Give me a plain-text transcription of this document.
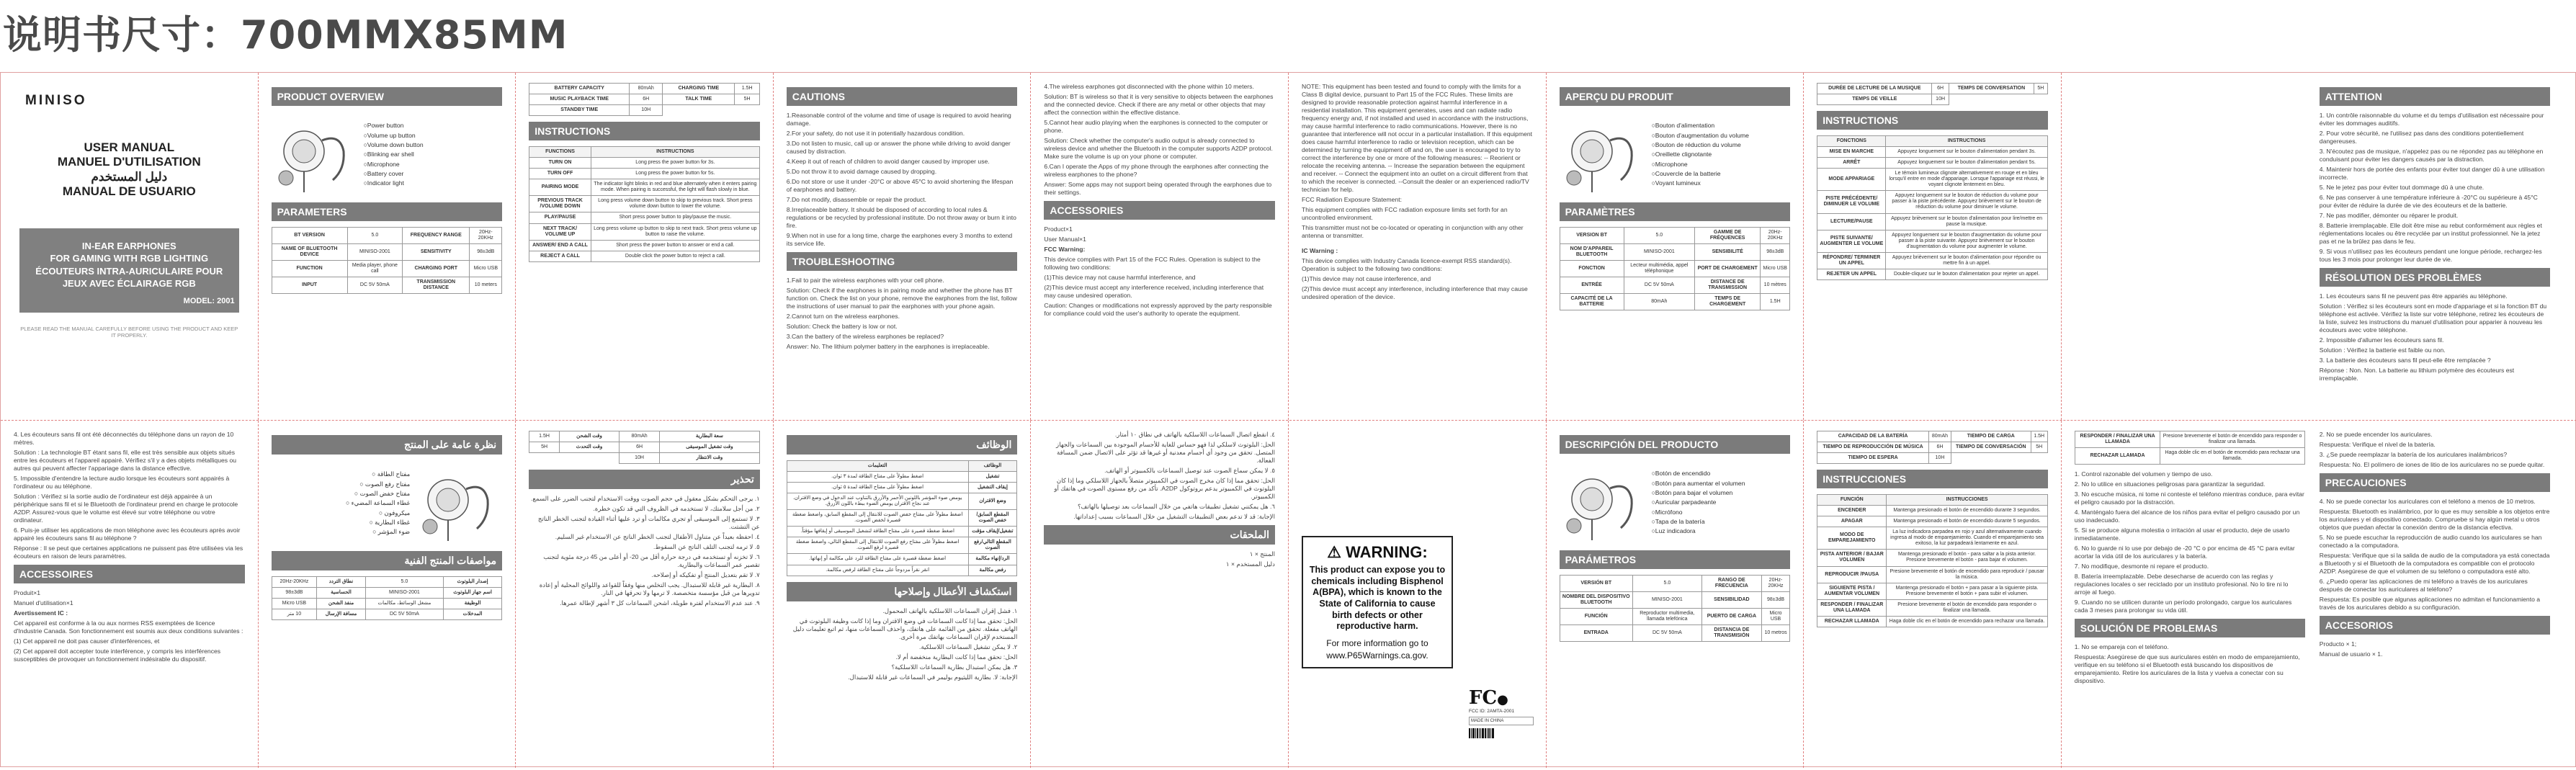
说明书尺寸：700MMX85MM
MINISO
USER MANUAL
MANUEL D'UTILISATION
دليل المستخدم
MANUAL DE USUARIO
IN-EAR EARPHONES
FOR GAMING WITH RGB LIGHTING
ÉCOUTEURS INTRA-AURICULAIRE POUR
JEUX AVEC ÉCLAIRAGE RGB
MODEL: 2001
PLEASE READ THE MANUAL CAREFULLY BEFORE USING THE PRODUCT AND KEEP IT PROPERLY.
PRODUCT OVERVIEW
○ Power button
○ Volume up button
○ Volume down button
○ Blinking ear shell
○ Microphone
○ Battery cover
○ Indicator light
PARAMETERS
BT VERSION	5.0	FREQUENCY RANGE	20Hz-20KHz
NAME OF BLUETOOTH DEVICE	MINISO-2001	SENSITIVITY	98±3dB
FUNCTION	Media player, phone call	CHARGING PORT	Micro USB
INPUT	DC 5V 50mA	TRANSMISSION DISTANCE	10 meters
BATTERY CAPACITY	80mAh	CHARGING TIME	1.5H
MUSIC PLAYBACK TIME	6H	TALK TIME	5H
STANDBY TIME	10H		
INSTRUCTIONS
FUNCTIONS	INSTRUCTIONS
TURN ON	Long press the power button for 3s.
TURN OFF	Long press the power button for 5s.
PAIRING MODE	The indicator light blinks in red and blue alternately when it enters pairing mode. When pairing is successful, the light will flash slowly in blue.
PREVIOUS TRACK /VOLUME DOWN	Long press volume down button to skip to previous track. Short press volume down button to lower the volume.
PLAY/PAUSE	Short press power button to play/pause the music.
NEXT TRACK/ VOLUME UP	Long press volume up button to skip to next track. Short press volume up button to raise the volume.
ANSWER/ END A CALL	Short press the power button to answer or end a call.
REJECT A CALL	Double click the power button to reject a call.
CAUTIONS

1.Reasonable control of the volume and time of usage is required to avoid hearing damage.

2.For your safety, do not use it in potentially hazardous condition.

3.Do not listen to music, call up or answer the phone while driving to avoid danger caused by distraction.

4.Keep it out of reach of children to avoid danger caused by improper use.

5.Do not throw it to avoid damage caused by dropping.

6.Do not store or use it under -20°C or above 45°C to avoid shortening the lifespan of earphones and battery.

7.Do not modify, disassemble or repair the product.

8.Irreplaceable battery. It should be disposed of according to local rules & regulations or be recycled by professional institute. Do not throw away or burn it into fire.

9.When not in use for a long time, charge the earphones every 3 months to extend its service life.

TROUBLESHOOTING

1.Fail to pair the wireless earphones with your cell phone.

Solution: Check if the earphones is in pairing mode and whether the phone has BT function on. Check the list on your phone, remove the earphones from the list, follow the instructions of user manual to pair the earphones with your phone again.

2.Cannot turn on the wireless earphones.

Solution: Check the battery is low or not.

3.Can the battery of the wireless earphones be replaced?

Answer: No. The lithium polymer battery in the earphones is irreplaceable.

4.The wireless earphones got disconnected with the phone within 10 meters.

Solution: BT is wireless so that it is very sensitive to objects between the earphones and the connected device. Check if there are any metal or other objects that may affect the connection within the effective distance.

5.Cannot hear audio playing when the earphones is connected to the computer or phone.

Solution: Check whether the computer's audio output is already connected to wireless device and whether the Bluetooth in the computer supports A2DP protocol. Make sure the volume is up on your phone or computer.

6.Can I operate the Apps of my phone through the earphones after connecting the wireless earphones to the phone?

Answer: Some apps may not support being operated through the earphones due to their settings.

ACCESSORIES

Product×1

User Manual×1

FCC Warning:

This device complies with Part 15 of the FCC Rules. Operation is subject to the following two conditions:

(1)This device may not cause harmful interference, and

(2)This device must accept any interference received, including interference that may cause undesired operation.

Caution: Changes or modifications not expressly approved by the party responsible for compliance could void the user's authority to operate the equipment.

NOTE: This equipment has been tested and found to comply with the limits for a Class B digital device, pursuant to Part 15 of the FCC Rules. These limits are designed to provide reasonable protection against harmful interference in a residential installation. This equipment generates, uses and can radiate radio frequency energy and, if not installed and used in accordance with the instructions, may cause harmful interference to radio communications. However, there is no guarantee that interference will not occur in a particular installation. If this equipment does cause harmful interference to radio or television reception, which can be determined by turning the equipment off and on, the user is encouraged to try to correct the interference by one or more of the following measures: -- Reorient or relocate the receiving antenna. -- Increase the separation between the equipment and receiver. -- Connect the equipment into an outlet on a circuit different from that to which the receiver is connected. --Consult the dealer or an experienced radio/TV technician for help.

FCC Radiation Exposure Statement:

This equipment complies with FCC radiation exposure limits set forth for an uncontrolled environment.

This transmitter must not be co-located or operating in conjunction with any other antenna or transmitter.

IC Warning :

This device complies with Industry Canada licence-exempt RSS standard(s). Operation is subject to the following two conditions:

(1)This device may not cause interference, and

(2)This device must accept any interference, including interference that may cause undesired operation of the device.

APERÇU DU PRODUIT
○ Bouton d'alimentation
○ Bouton d'augmentation du volume
○ Bouton de réduction du volume
○ Oreillette clignotante
○ Microphone
○ Couvercle de la batterie
○ Voyant lumineux
PARAMÈTRES
VERSION BT	5.0	GAMME DE FRÉQUENCES	20Hz-20KHz
NOM D'APPAREIL BLUETOOTH	MINISO-2001	SENSIBILITÉ	98±3dB
FONCTION	Lecteur multimédia, appel téléphonique	PORT DE CHARGEMENT	Micro USB
ENTRÉE	DC 5V 50mA	DISTANCE DE TRANSMISSION	10 mètres
CAPACITÉ DE LA BATTERIE	80mAh	TEMPS DE CHARGEMENT	1.5H
DURÉE DE LECTURE DE LA MUSIQUE	6H	TEMPS DE CONVERSATION	5H
TEMPS DE VEILLE	10H		
INSTRUCTIONS
FONCTIONS	INSTRUCTIONS
MISE EN MARCHE	Appuyez longuement sur le bouton d'alimentation pendant 3s.
ARRÊT	Appuyez longuement sur le bouton d'alimentation pendant 5s.
MODE APPARIAGE	Le témoin lumineux clignote alternativement en rouge et en bleu lorsqu'il entre en mode d'appariage. Lorsque l'appariage est réussi, le voyant clignote lentement en bleu.
PISTE PRÉCÉDENTE/ DIMINUER LE VOLUME	Appuyez longuement sur le bouton de réduction du volume pour passer à la piste précédente. Appuyez brièvement sur le bouton de réduction du volume pour diminuer le volume.
LECTURE/PAUSE	Appuyez brièvement sur le bouton d'alimentation pour lire/mettre en pause la musique.
PISTE SUIVANTE/ AUGMENTER LE VOLUME	Appuyez longuement sur le bouton d'augmentation du volume pour passer à la piste suivante. Appuyez brièvement sur le bouton d'augmentation du volume pour augmenter le volume.
RÉPONDRE/ TERMINER UN APPEL	Appuyez brièvement sur le bouton d'alimentation pour répondre ou mettre fin à un appel.
REJETER UN APPEL	Double-cliquez sur le bouton d'alimentation pour rejeter un appel.
ATTENTION

1. Un contrôle raisonnable du volume et du temps d'utilisation est nécessaire pour éviter les dommages auditifs.

2. Pour votre sécurité, ne l'utilisez pas dans des conditions potentiellement dangereuses.

3. N'écoutez pas de musique, n'appelez pas ou ne répondez pas au téléphone en conduisant pour éviter les dangers causés par la distraction.

4. Maintenir hors de portée des enfants pour éviter tout danger dû à une utilisation incorrecte.

5. Ne le jetez pas pour éviter tout dommage dû à une chute.

6. Ne pas conserver à une température inférieure à -20°C ou supérieure à 45°C pour éviter de réduire la durée de vie des écouteurs et de la batterie.

7. Ne pas modifier, démonter ou réparer le produit.

8. Batterie irremplaçable. Elle doit être mise au rebut conformément aux règles et réglementations locales ou être recyclée par un institut professionnel. Ne la jetez pas et ne la brûlez pas dans le feu.

9. Si vous n'utilisez pas les écouteurs pendant une longue période, rechargez-les tous les 3 mois pour prolonger leur durée de vie.

RÉSOLUTION DES PROBLÈMES

1. Les écouteurs sans fil ne peuvent pas être appariés au téléphone.

Solution : Vérifiez si les écouteurs sont en mode d'appariage et si la fonction BT du téléphone est activée. Vérifiez la liste sur votre téléphone, retirez les écouteurs de la liste, suivez les instructions du manuel d'utilisation pour apparier à nouveau les écouteurs avec votre téléphone.

2. Impossible d'allumer les écouteurs sans fil.

Solution : Vérifiez la batterie est faible ou non.

3. La batterie des écouteurs sans fil peut-elle être remplacée ?

Réponse : Non. Non. La batterie au lithium polymère des écouteurs est irremplaçable.

4. Les écouteurs sans fil ont été déconnectés du téléphone dans un rayon de 10 mètres.

Solution : La technologie BT étant sans fil, elle est très sensible aux objets situés entre les écouteurs et l'appareil appairé. Vérifiez s'il y a des objets métalliques ou autres qui peuvent affecter l'appariage dans la distance effective.

5. Impossible d'entendre la lecture audio lorsque les écouteurs sont appairés à l'ordinateur ou au téléphone.

Solution : Vérifiez si la sortie audio de l'ordinateur est déjà appairée à un périphérique sans fil et si le Bluetooth de l'ordinateur prend en charge le protocole A2DP. Assurez-vous que le volume est élevé sur votre téléphone ou votre ordinateur.

6. Puis-je utiliser les applications de mon téléphone avec les écouteurs après avoir appairé les écouteurs sans fil au téléphone ?

Réponse : Il se peut que certaines applications ne puissent pas être utilisées via les écouteurs en raison de leurs paramètres.

ACCESSOIRES

Produit×1

Manuel d'utilisation×1

Avertissement IC :

Cet appareil est conforme à la ou aux normes RSS exemptées de licence d'Industrie Canada. Son fonctionnement est soumis aux deux conditions suivantes :

(1) Cet appareil ne doit pas causer d'interférences, et

(2) Cet appareil doit accepter toute interférence, y compris les interférences susceptibles de provoquer un fonctionnement indésirable du dispositif.

نظرة عامة على المنتج
مفتاح الطاقة ○
مفتاح رفع الصوت ○
مفتاح خفض الصوت ○
غطاء السماعة المضيء ○
ميكروفون ○
غطاء البطارية ○
ضوء المؤشر ○
مواصفات المنتج الفنية
إصدار البلوتوث	5.0	نطاق التردد	20Hz-20KHz
اسم جهاز البلوتوث	MINISO-2001	الحساسية	98±3dB
الوظيفة	مشغل الوسائط، مكالمات	منفذ الشحن	Micro USB
المدخلات	DC 5V 50mA	مسافة الإرسال	10 متر
سعة البطارية	80mAh	وقت الشحن	1.5H
وقت تشغيل الموسيقى	6H	وقت التحدث	5H
وقت الانتظار	10H		
تحذير

١. يرجى التحكم بشكل معقول في حجم الصوت ووقت الاستخدام لتجنب الضرر على السمع.

٢. من أجل سلامتك، لا تستخدمه في الظروف التي قد تكون خطرة.

٣. لا تستمع إلى الموسيقى أو تجري مكالمات أو ترد عليها أثناء القيادة لتجنب الخطر الناتج عن التشتت.

٤. احفظه بعيداً عن متناول الأطفال لتجنب الخطر الناتج عن الاستخدام غير السليم.

٥. لا ترمه لتجنب التلف الناتج عن السقوط.

٦. لا تخزنه أو تستخدمه في درجة حرارة أقل من ‎-20‎ أو أعلى من ‎45‎ درجة مئوية لتجنب تقصير عمر السماعات والبطارية.

٧. لا تقم بتعديل المنتج أو تفكيكه أو إصلاحه.

٨. البطارية غير قابلة للاستبدال. يجب التخلص منها وفقاً للقواعد واللوائح المحلية أو إعادة تدويرها من قبل مؤسسة متخصصة. لا ترمها ولا تحرقها في النار.

٩. عند عدم الاستخدام لفترة طويلة، اشحن السماعات كل ٣ أشهر لإطالة عمرها.

الوظائف
الوظائف	التعليمات
تشغيل	اضغط مطولاً على مفتاح الطاقة لمدة ٣ ثوان.
إيقاف التشغيل	اضغط مطولاً على مفتاح الطاقة لمدة ٥ ثوان.
وضع الاقتران	يومض ضوء المؤشر باللونين الأحمر والأزرق بالتناوب عند الدخول في وضع الاقتران. عند نجاح الاقتران يومض الضوء ببطء باللون الأزرق.
المقطع السابق/خفض الصوت	اضغط مطولاً على مفتاح خفض الصوت للانتقال إلى المقطع السابق، واضغط ضغطة قصيرة لخفض الصوت.
تشغيل/إيقاف مؤقت	اضغط ضغطة قصيرة على مفتاح الطاقة لتشغيل الموسيقى أو إيقافها مؤقتاً.
المقطع التالي/رفع الصوت	اضغط مطولاً على مفتاح رفع الصوت للانتقال إلى المقطع التالي، واضغط ضغطة قصيرة لرفع الصوت.
الرد/إنهاء مكالمة	اضغط ضغطة قصيرة على مفتاح الطاقة للرد على مكالمة أو إنهائها.
رفض مكالمة	انقر نقراً مزدوجاً على مفتاح الطاقة لرفض مكالمة.
استكشاف الأعطال وإصلاحها

١. فشل إقران السماعات اللاسلكية بالهاتف المحمول.

الحل: تحقق مما إذا كانت السماعات في وضع الاقتران وما إذا كانت وظيفة البلوتوث في الهاتف مفعلة. تحقق من القائمة على هاتفك، واحذف السماعات منها، ثم اتبع تعليمات دليل المستخدم لإقران السماعات بهاتفك مرة أخرى.

٢. لا يمكن تشغيل السماعات اللاسلكية.

الحل: تحقق مما إذا كانت البطارية منخفضة أم لا.

٣. هل يمكن استبدال بطارية السماعات اللاسلكية؟

الإجابة: لا. بطارية الليثيوم بوليمر في السماعات غير قابلة للاستبدال.

٤. انقطع اتصال السماعات اللاسلكية بالهاتف في نطاق ١٠ أمتار.

الحل: البلوتوث لاسلكي لذا فهو حساس للغاية للأجسام الموجودة بين السماعات والجهاز المتصل. تحقق من وجود أي أجسام معدنية أو غيرها قد تؤثر على الاتصال ضمن المسافة الفعالة.

٥. لا يمكن سماع الصوت عند توصيل السماعات بالكمبيوتر أو الهاتف.

الحل: تحقق مما إذا كان مخرج الصوت في الكمبيوتر متصلاً بالجهاز اللاسلكي وما إذا كان البلوتوث في الكمبيوتر يدعم بروتوكول A2DP. تأكد من رفع مستوى الصوت في هاتفك أو الكمبيوتر.

٦. هل يمكنني تشغيل تطبيقات هاتفي من خلال السماعات بعد توصيلها بالهاتف؟

الإجابة: قد لا تدعم بعض التطبيقات التشغيل من خلال السماعات بسبب إعداداتها.

الملحقات

المنتج × ١

دليل المستخدم × ١

⚠ WARNING:
This product can expose you to chemicals including Bisphenol A(BPA), which is known to the State of California to cause birth defects or other reproductive harm.
For more information go to
www.P65Warnings.ca.gov.
FC●
FCC ID: 2AMTA-2001
MADE IN CHINA
DESCRIPCIÓN DEL PRODUCTO
○ Botón de encendido
○ Botón para aumentar el volumen
○ Botón para bajar el volumen
○ Auricular parpadeante
○ Micrófono
○ Tapa de la batería
○ Luz indicadora
PARÁMETROS
VERSIÓN BT	5.0	RANGO DE FRECUENCIA	20Hz-20KHz
NOMBRE DEL DISPOSITIVO BLUETOOTH	MINISO-2001	SENSIBILIDAD	98±3dB
FUNCIÓN	Reproductor multimedia, llamada telefónica	PUERTO DE CARGA	Micro USB
ENTRADA	DC 5V 50mA	DISTANCIA DE TRANSMISIÓN	10 metros
CAPACIDAD DE LA BATERÍA	80mAh	TIEMPO DE CARGA	1.5H
TIEMPO DE REPRODUCCIÓN DE MÚSICA	6H	TIEMPO DE CONVERSACIÓN	5H
TIEMPO DE ESPERA	10H		
INSTRUCCIONES
FUNCIÓN	INSTRUCCIONES
ENCENDER	Mantenga presionado el botón de encendido durante 3 segundos.
APAGAR	Mantenga presionado el botón de encendido durante 5 segundos.
MODO DE EMPAREJAMIENTO	La luz indicadora parpadea en rojo y azul alternativamente cuando ingresa al modo de emparejamiento. Cuando el emparejamiento sea exitoso, la luz parpadeará lentamente en azul.
PISTA ANTERIOR / BAJAR VOLUMEN	Mantenga presionado el botón - para saltar a la pista anterior. Presione brevemente el botón - para bajar el volumen.
REPRODUCIR /PAUSA	Presione brevemente el botón de encendido para reproducir / pausar la música.
SIGUIENTE PISTA / AUMENTAR VOLUMEN	Mantenga presionado el botón + para pasar a la siguiente pista. Presione brevemente el botón + para subir el volumen.
RESPONDER / FINALIZAR UNA LLAMADA	Presione brevemente el botón de encendido para responder o finalizar una llamada.
RECHAZAR LLAMADA	Haga doble clic en el botón de encendido para rechazar una llamada.

2. No se puede encender los auriculares.

Respuesta: Verifique el nivel de la batería.

3. ¿Se puede reemplazar la batería de los auriculares inalámbricos?

Respuesta: No. El polímero de iones de litio de los auriculares no se puede quitar.

PRECAUCIONES

4. No se puede conectar los auriculares con el teléfono a menos de 10 metros.

Respuesta: Bluetooth es inalámbrico, por lo que es muy sensible a los objetos entre los auriculares y el dispositivo conectado. Compruebe si hay algún metal u otros objetos que puedan afectar la conexión dentro de la distancia efectiva.

5. No se puede escuchar la reproducción de audio cuando los auriculares se han conectado a la computadora.

Respuesta: Verifique que si la salida de audio de la computadora ya está conectada a Bluetooth y si el Bluetooth de la computadora es compatible con el protocolo A2DP. Asegúrese de que el volumen de su teléfono o computadora esté alto.

6. ¿Puedo operar las aplicaciones de mi teléfono a través de los auriculares después de conectar los auriculares al teléfono?

Respuesta: Es posible que algunas aplicaciones no admitan el funcionamiento a través de los auriculares debido a su configuración.

ACCESORIOS

Producto × 1;

Manual de usuario × 1.

RESPONDER / FINALIZAR UNA LLAMADA	Presione brevemente el botón de encendido para responder o finalizar una llamada.
RECHAZAR LLAMADA	Haga doble clic en el botón de encendido para rechazar una llamada.

1. Control razonable del volumen y tiempo de uso.

2. No lo utilice en situaciones peligrosas para garantizar la seguridad.

3. No escuche música, ni tome ni conteste el teléfono mientras conduce, para evitar el peligro causado por la distracción.

4. Manténgalo fuera del alcance de los niños para evitar el peligro causado por un uso inadecuado.

5. Si se produce alguna molestia o irritación al usar el producto, deje de usarlo inmediatamente.

6. No lo guarde ni lo use por debajo de -20 °C o por encima de 45 °C para evitar acortar la vida útil de los auriculares y la batería.

7. No modifique, desmonte ni repare el producto.

8. Batería irreemplazable. Debe desecharse de acuerdo con las reglas y regulaciones locales o ser reciclado por un instituto profesional. No lo tire ni lo arroje al fuego.

9. Cuando no se utilicen durante un período prolongado, cargue los auriculares cada 3 meses para prolongar su vida útil.

SOLUCIÓN DE PROBLEMAS

1. No se empareja con el teléfono.

Respuesta: Asegúrese de que sus auriculares estén en modo de emparejamiento, verifique en su teléfono si el Bluetooth está buscando los dispositivos de emparejamiento. Retire los auriculares de la lista y vuelva a conectar con su dispositivo.
